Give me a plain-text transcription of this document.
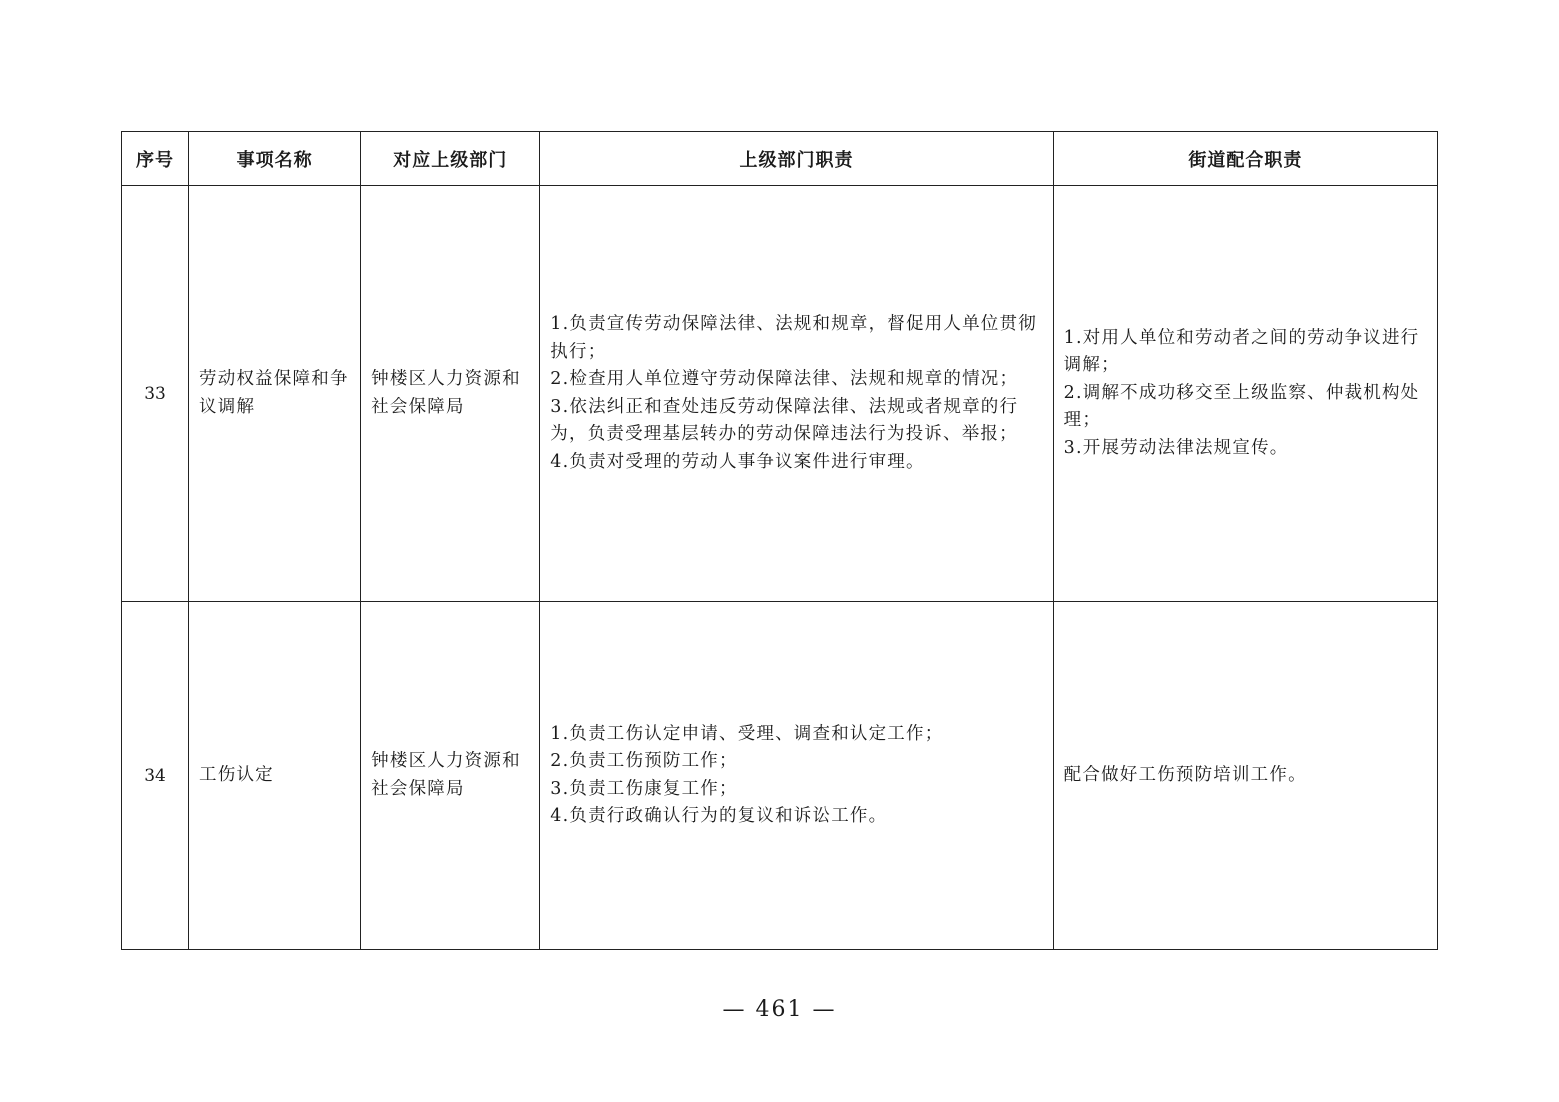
序号	事项名称	对应上级部门	上级部门职责	街道配合职责
33	劳动权益保障和争议调解	钟楼区人力资源和社会保障局	1.负责宣传劳动保障法律、法规和规章，督促用人单位贯彻执行；
2.检查用人单位遵守劳动保障法律、法规和规章的情况；
3.依法纠正和查处违反劳动保障法律、法规或者规章的行为，负责受理基层转办的劳动保障违法行为投诉、举报；
4.负责对受理的劳动人事争议案件进行审理。	1.对用人单位和劳动者之间的劳动争议进行调解；
2.调解不成功移交至上级监察、仲裁机构处理；
3.开展劳动法律法规宣传。

34	工伤认定	钟楼区人力资源和社会保障局	1.负责工伤认定申请、受理、调查和认定工作；
2.负责工伤预防工作；
3.负责工伤康复工作；
4.负责行政确认行为的复议和诉讼工作。	配合做好工伤预防培训工作。
— 461 —
